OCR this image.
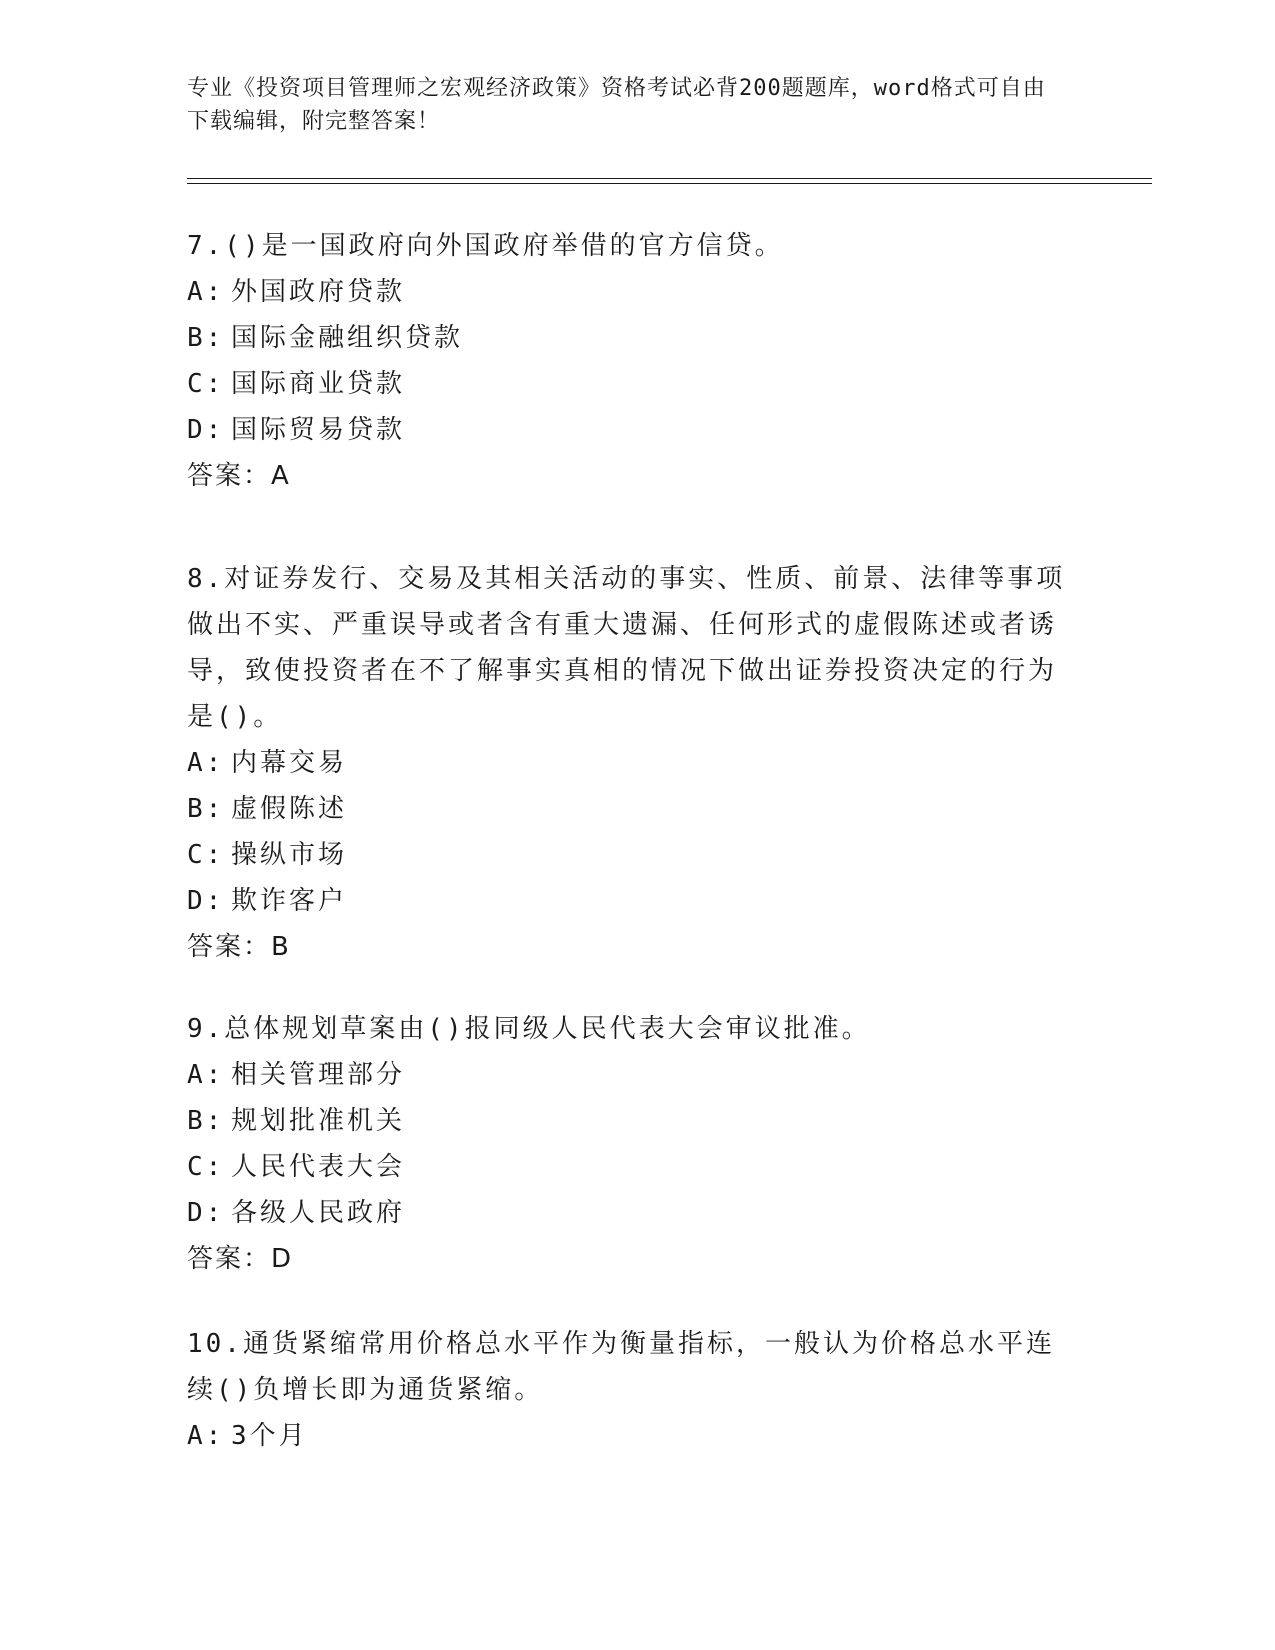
专业《投资项目管理师之宏观经济政策》资格考试必背200题题库，word格式可自由下载编辑，附完整答案！
7.()是一国政府向外国政府举借的官方信贷。
A: 外国政府贷款
B: 国际金融组织贷款
C: 国际商业贷款
D: 国际贸易贷款
答案：A
8.对证券发行、交易及其相关活动的事实、性质、前景、法律等事项做出不实、严重误导或者含有重大遗漏、任何形式的虚假陈述或者诱导，致使投资者在不了解事实真相的情况下做出证券投资决定的行为是()。
A: 内幕交易
B: 虚假陈述
C: 操纵市场
D: 欺诈客户
答案：B
9.总体规划草案由()报同级人民代表大会审议批准。
A: 相关管理部分
B: 规划批准机关
C: 人民代表大会
D: 各级人民政府
答案：D
10.通货紧缩常用价格总水平作为衡量指标，一般认为价格总水平连续()负增长即为通货紧缩。
A: 3个月
